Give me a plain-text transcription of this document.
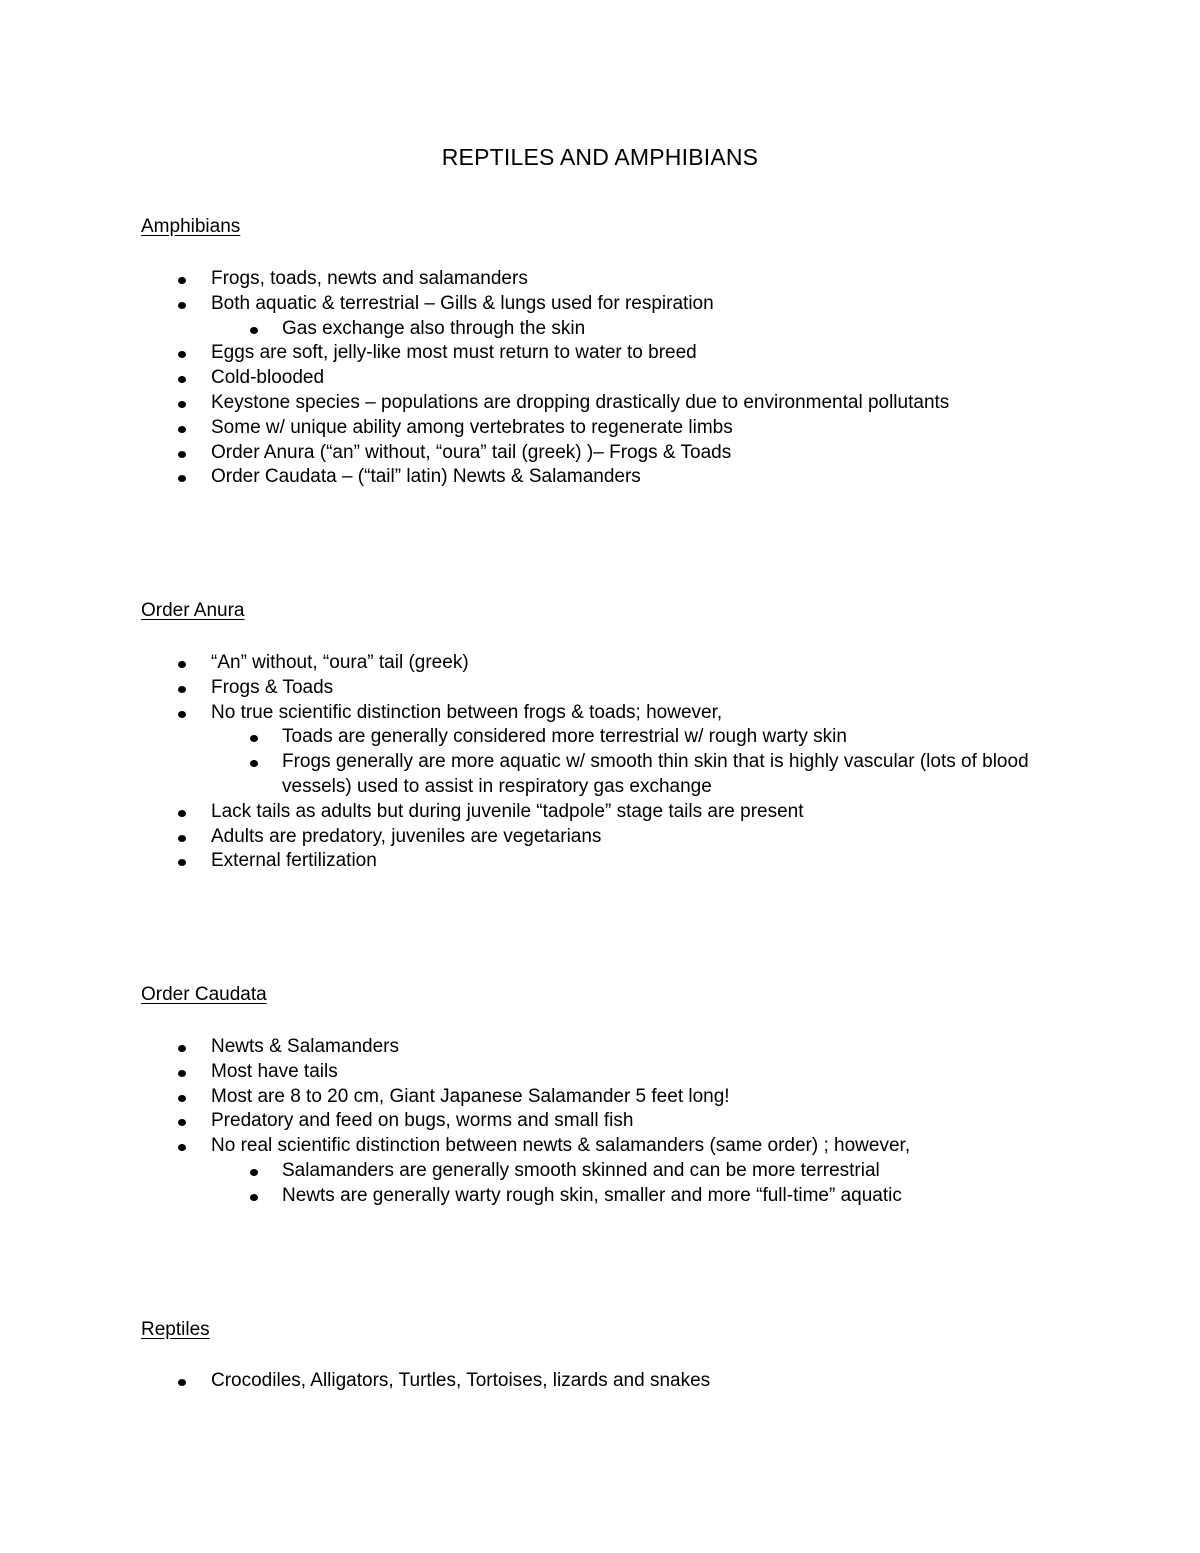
REPTILES AND AMPHIBIANS
Amphibians
Frogs, toads, newts and salamanders
Both aquatic & terrestrial – Gills & lungs used for respiration
Gas exchange also through the skin
Eggs are soft, jelly-like most must return to water to breed
Cold-blooded
Keystone species – populations are dropping drastically due to environmental pollutants
Some w/ unique ability among vertebrates to regenerate limbs
Order Anura (“an” without, “oura” tail (greek) )– Frogs & Toads
Order Caudata – (“tail” latin) Newts & Salamanders
Order Anura
“An” without, “oura” tail (greek)
Frogs & Toads
No true scientific distinction between frogs & toads; however,
Toads are generally considered more terrestrial w/ rough warty skin
Frogs generally are more aquatic w/ smooth thin skin that is highly vascular (lots of blood vessels) used to assist in respiratory gas exchange
Lack tails as adults but during juvenile “tadpole” stage tails are present
Adults are predatory, juveniles are vegetarians
External fertilization
Order Caudata
Newts & Salamanders
Most have tails
Most are 8 to 20 cm, Giant Japanese Salamander 5 feet long!
Predatory and feed on bugs, worms and small fish
No real scientific distinction between newts & salamanders (same order) ; however,
Salamanders are generally smooth skinned and can be more terrestrial
Newts are generally warty rough skin, smaller and more “full-time” aquatic
Reptiles
Crocodiles, Alligators, Turtles, Tortoises, lizards and snakes
